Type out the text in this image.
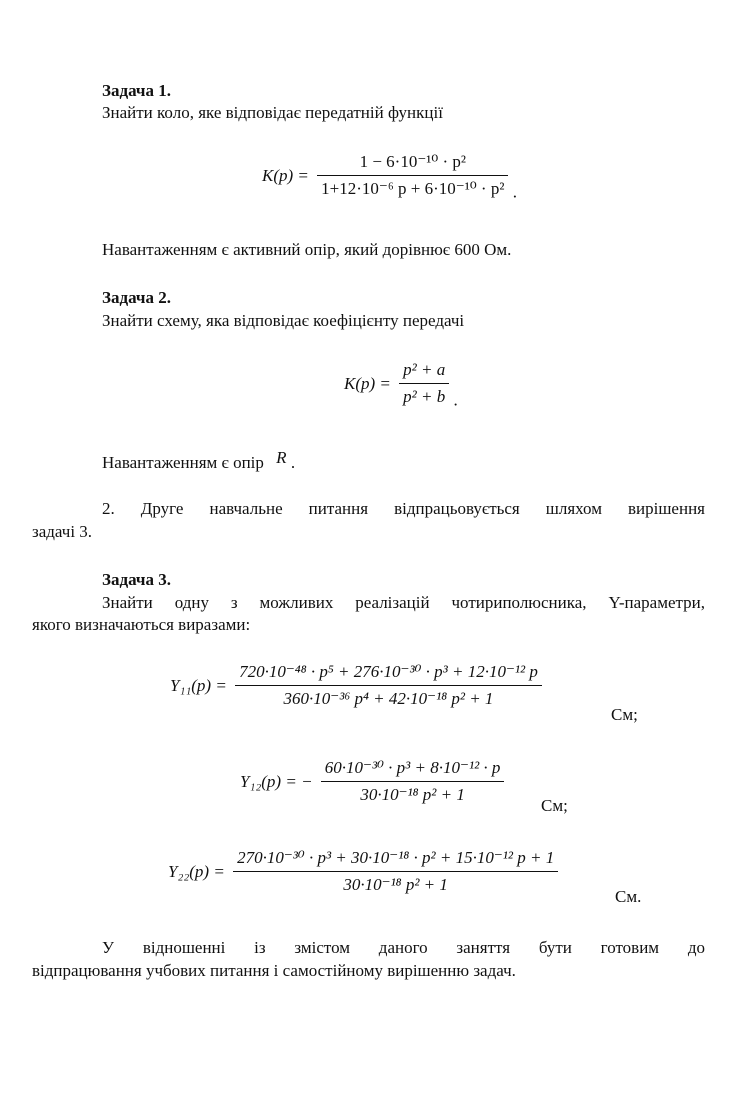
Задача 1.
Знайти коло, яке відповідає передатній функції
$K(p) = \frac{\text{1 − 6·10⁻¹⁰ · p²}}{\text{1+12·10⁻⁶ p + 6·10⁻¹⁰ · p²}}$ .
Навантаженням є активний опір, який дорівнює 600 Ом.
Задача 2.
Знайти схему, яка відповідає коефіцієнту передачі
$K(p) = \frac{\text{p² + a}}{\text{p² + b}}$ .
Навантаженням є опір R .
2. Друге навчальне питання відпрацьовується шляхом вирішення
задачі 3.
Задача 3.
Знайти одну з можливих реалізацій чотириполюсника, Y-параметри,
якого визначаються виразами:
$Y_{11}(p) = \frac{\text{720·10⁻⁴⁸ · p⁵ + 276·10⁻³⁰ · p³ + 12·10⁻¹² p}}{\text{360·10⁻³⁶ p⁴ + 42·10⁻¹⁸ p² + 1}}$
См;
Y₁₂(p) = − $\frac{\text{60·10⁻³⁰ · p³ + 8·10⁻¹² · p}}{\text{30·10⁻¹⁸ p² + 1}}$
См;
$Y_{22}(p) = \frac{\text{270·10⁻³⁰ · p³ + 30·10⁻¹⁸ · p² + 15·10⁻¹² p + 1}}{\text{30·10⁻¹⁸ p² + 1}}$
См.
У відношенні із змістом даного заняття бути готовим до
відпрацювання учбових питання і самостійному вирішенню задач.
